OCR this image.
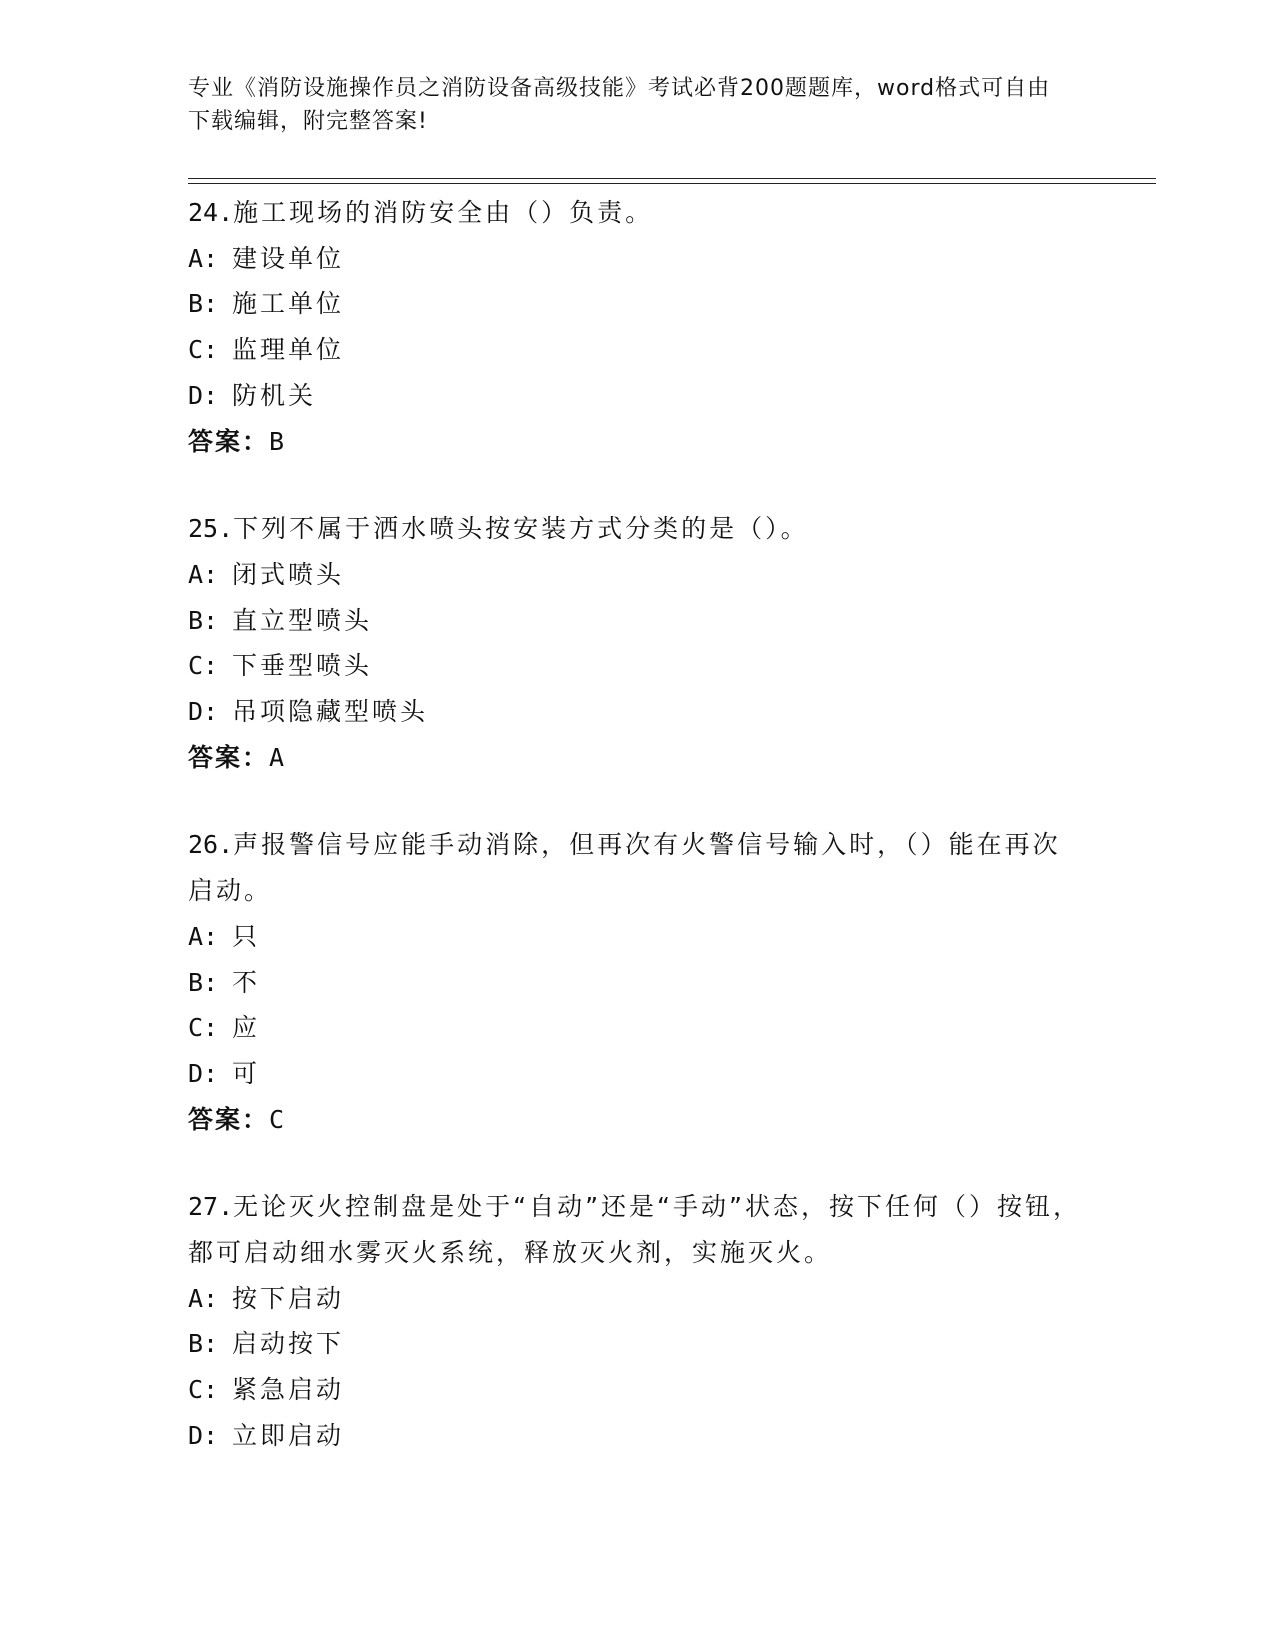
专业《消防设施操作员之消防设备高级技能》考试必背200题题库，word格式可自由下载编辑，附完整答案!
24.施工现场的消防安全由（）负责。
A: 建设单位
B: 施工单位
C: 监理单位
D: 防机关
答案：B
25.下列不属于洒水喷头按安装方式分类的是（）。
A: 闭式喷头
B: 直立型喷头
C: 下垂型喷头
D: 吊项隐藏型喷头
答案：A
26.声报警信号应能手动消除，但再次有火警信号输入时，（）能在再次启动。
A: 只
B: 不
C: 应
D: 可
答案：C
27.无论灭火控制盘是处于“自动”还是“手动”状态，按下任何（）按钮，都可启动细水雾灭火系统，释放灭火剂，实施灭火。
A: 按下启动
B: 启动按下
C: 紧急启动
D: 立即启动
